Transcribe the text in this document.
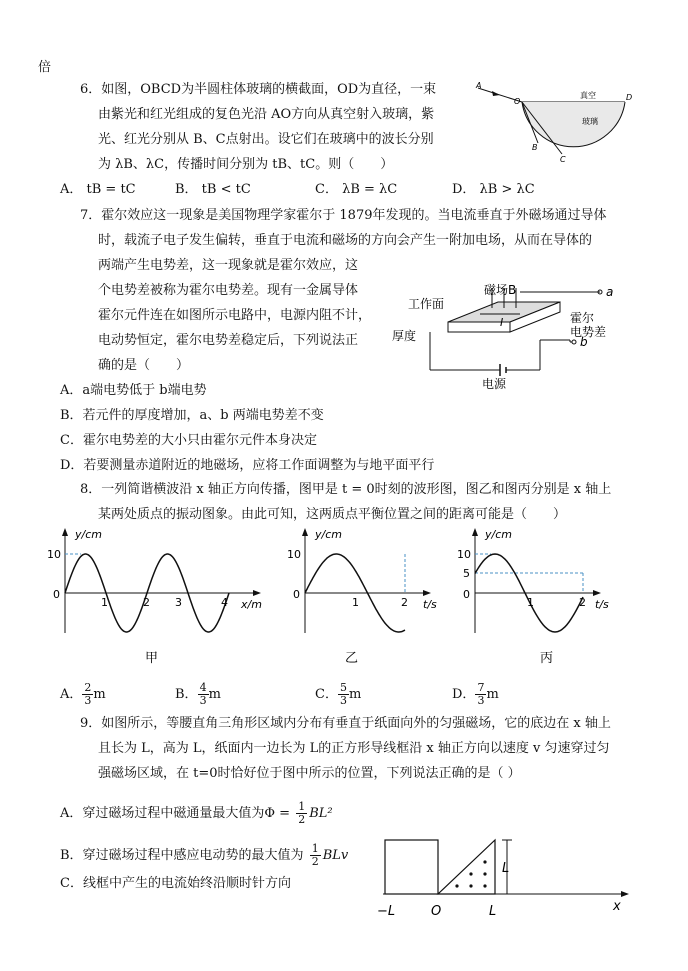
倍
6．如图，OBCD为半圆柱体玻璃的横截面，OD为直径，一束
由紫光和红光组成的复色光沿 AO方向从真空射入玻璃，紫
光、红光分别从 B、C点射出。设它们在玻璃中的波长分别
为 λB、λC，传播时间分别为 tB、tC。则（　　）
A． tB = tC	B． tB < tC	C． λB = λC	D． λB > λC
A
O	D
B
C
真空
玻璃
7．霍尔效应这一现象是美国物理学家霍尔于 1879年发现的。当电流垂直于外磁场通过导体
时，载流子电子发生偏转，垂直于电流和磁场的方向会产生一附加电场，从而在导体的
两端产生电势差，这一现象就是霍尔效应，这
个电势差被称为霍尔电势差。现有一金属导体
霍尔元件连在如图所示电路中，电源内阻不计，
电动势恒定，霍尔电势差稳定后，下列说法正
确的是（　　）
A．a端电势低于 b端电势
B．若元件的厚度增加，a、b 两端电势差不变
C．霍尔电势差的大小只由霍尔元件本身决定
D．若要测量赤道附近的地磁场，应将工作面调整为与地平面平行
工作面
磁场B
I
厚度
霍尔
电势差
电源
a
b
8．一列简谐横波沿 x 轴正方向传播，图甲是 t = 0时刻的波形图，图乙和图丙分别是 x 轴上
某两处质点的振动图象。由此可知，这两质点平衡位置之间的距离可能是（　　）
y/cm
10
0
1	2 3	4 x/m
甲
y/cm
10
0
1	2 t/s
乙
y/cm
10
5
0
1	2 t/s
丙
A． $\frac{2}{3}$ m	B． $\frac{4}{3}$ m	C． $\frac{5}{3}$ m	D． $\frac{7}{3}$ m
9．如图所示，等腰直角三角形区域内分布有垂直于纸面向外的匀强磁场，它的底边在 x 轴上
且长为 L，高为 L，纸面内一边长为 L的正方形导线框沿 x 轴正方向以速度 v 匀速穿过匀
强磁场区域，在 t=0时恰好位于图中所示的位置，下列说法正确的是（ ）
A．穿过磁场过程中磁通量最大值为$\Phi = \frac{1}{2} BL^2$
B．穿过磁场过程中感应电动势的最大值为 $\frac{1}{2}$ BLv
C．线框中产生的电流始终沿顺时针方向
L
−L	O	L	x
